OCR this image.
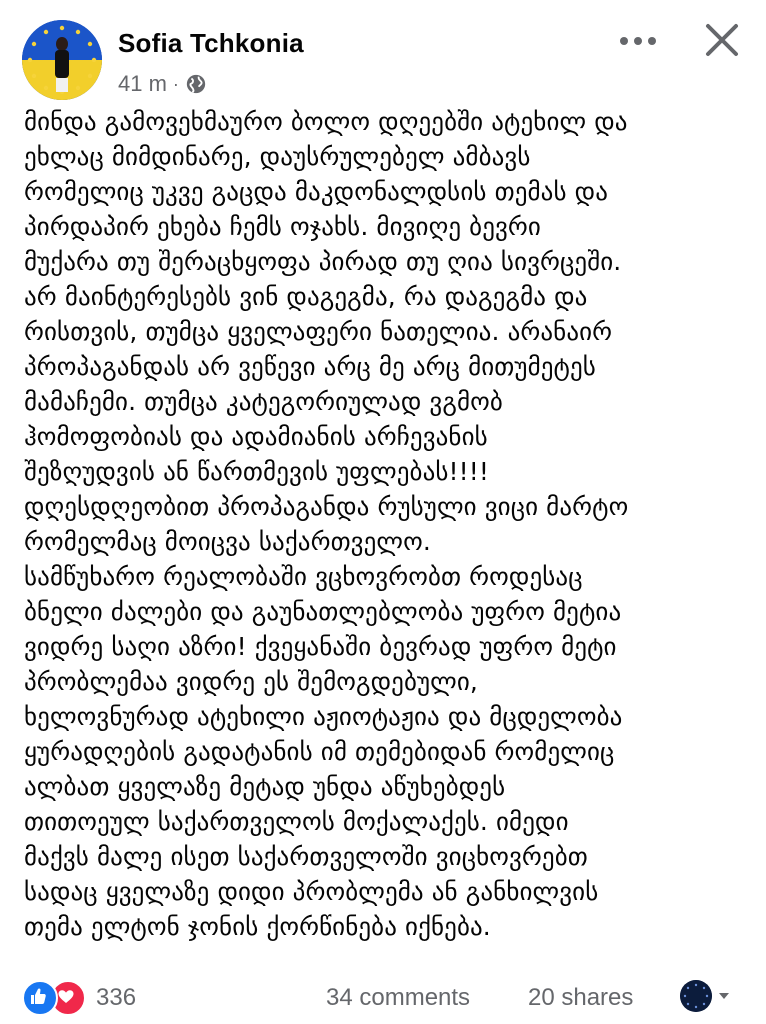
Sofia Tchkonia
41 m ·
მინდა გამოვეხმაურო ბოლო დღეებში ატეხილ და
ეხლაც მიმდინარე, დაუსრულებელ ამბავს
რომელიც უკვე გაცდა მაკდონალდსის თემას და
პირდაპირ ეხება ჩემს ოჯახს. მივიღე ბევრი
მუქარა თუ შერაცხყოფა პირად თუ ღია სივრცეში.
არ მაინტერესებს ვინ დაგეგმა, რა დაგეგმა და
რისთვის, თუმცა ყველაფერი ნათელია. არანაირ
პროპაგანდას არ ვეწევი არც მე არც მითუმეტეს
მამაჩემი. თუმცა კატეგორიულად ვგმობ
ჰომოფობიას და ადამიანის არჩევანის
შეზღუდვის ან წართმევის უფლებას!!!!
დღესდღეობით პროპაგანდა რუსული ვიცი მარტო
რომელმაც მოიცვა საქართველო.
სამწუხარო რეალობაში ვცხოვრობთ როდესაც
ბნელი ძალები და გაუნათლებლობა უფრო მეტია
ვიდრე საღი აზრი! ქვეყანაში ბევრად უფრო მეტი
პრობლემაა ვიდრე ეს შემოგდებული,
ხელოვნურად ატეხილი აჟიოტაჟია და მცდელობა
ყურადღების გადატანის იმ თემებიდან რომელიც
ალბათ ყველაზე მეტად უნდა აწუხებდეს
თითოეულ საქართველოს მოქალაქეს. იმედი
მაქვს მალე ისეთ საქართველოში ვიცხოვრებთ
სადაც ყველაზე დიდი პრობლემა ან განხილვის
თემა ელტონ ჯონის ქორწინება იქნება.
336	34 comments 20 shares
